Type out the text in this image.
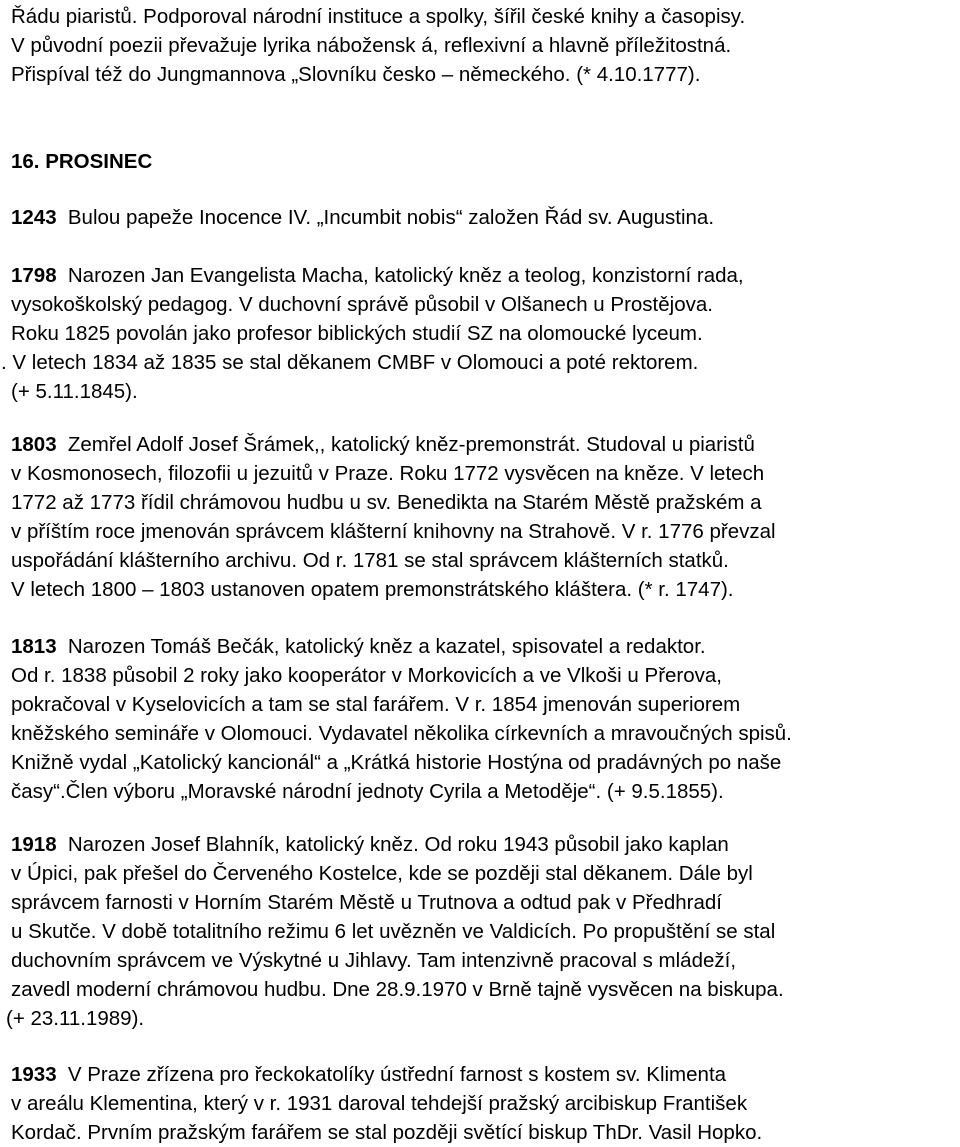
Řádu piaristů. Podporoval národní instituce a spolky, šířil české knihy a časopisy.
V původní poezii převažuje lyrika nábožensk á, reflexivní a hlavně příležitostná.
Přispíval též do Jungmannova „Slovníku česko – německého. (* 4.10.1777).
16. PROSINEC
1243 Bulou papeže Inocence IV. „Incumbit nobis“ založen Řád sv. Augustina.
1798 Narozen Jan Evangelista Macha, katolický kněz a teolog, konzistorní rada,
vysokoškolský pedagog. V duchovní správě působil v Olšanech u Prostějova.
Roku 1825 povolán jako profesor biblických studií SZ na olomoucké lyceum.
. V letech 1834 až 1835 se stal děkanem CMBF v Olomouci a poté rektorem.
(+ 5.11.1845).
1803 Zemřel Adolf Josef Šrámek,, katolický kněz-premonstrát. Studoval u piaristů
v Kosmonosech, filozofii u jezuitů v Praze. Roku 1772 vysvěcen na kněze. V letech
1772 až 1773 řídil chrámovou hudbu u sv. Benedikta na Starém Městě pražském a
v příštím roce jmenován správcem klášterní knihovny na Strahově. V r. 1776 převzal
uspořádání klášterního archivu. Od r. 1781 se stal správcem klášterních statků.
V letech 1800 – 1803 ustanoven opatem premonstrátského kláštera. (* r. 1747).
1813 Narozen Tomáš Bečák, katolický kněz a kazatel, spisovatel a redaktor.
Od r. 1838 působil 2 roky jako kooperátor v Morkovicích a ve Vlkoši u Přerova,
pokračoval v Kyselovicích a tam se stal farářem. V r. 1854 jmenován superiorem
kněžského semináře v Olomouci. Vydavatel několika církevních a mravoučných spisů.
Knižně vydal „Katolický kancionál“ a „Krátká historie Hostýna od pradávných po naše
časy“.Člen výboru „Moravské národní jednoty Cyrila a Metoděje“. (+ 9.5.1855).
1918 Narozen Josef Blahník, katolický kněz. Od roku 1943 působil jako kaplan
v Úpici, pak přešel do Červeného Kostelce, kde se později stal děkanem. Dále byl
správcem farnosti v Horním Starém Městě u Trutnova a odtud pak v Předhradí
u Skutče. V době totalitního režimu 6 let uvězněn ve Valdicích. Po propuštění se stal
duchovním správcem ve Výskytné u Jihlavy. Tam intenzivně pracoval s mládeží,
zavedl moderní chrámovou hudbu. Dne 28.9.1970 v Brně tajně vysvěcen na biskupa.
(+ 23.11.1989).
1933 V Praze zřízena pro řeckokatolíky ústřední farnost s kostem sv. Klimenta
v areálu Klementina, který v r. 1931 daroval tehdejší pražský arcibiskup František
Kordač. Prvním pražským farářem se stal později světící biskup ThDr. Vasil Hopko.
